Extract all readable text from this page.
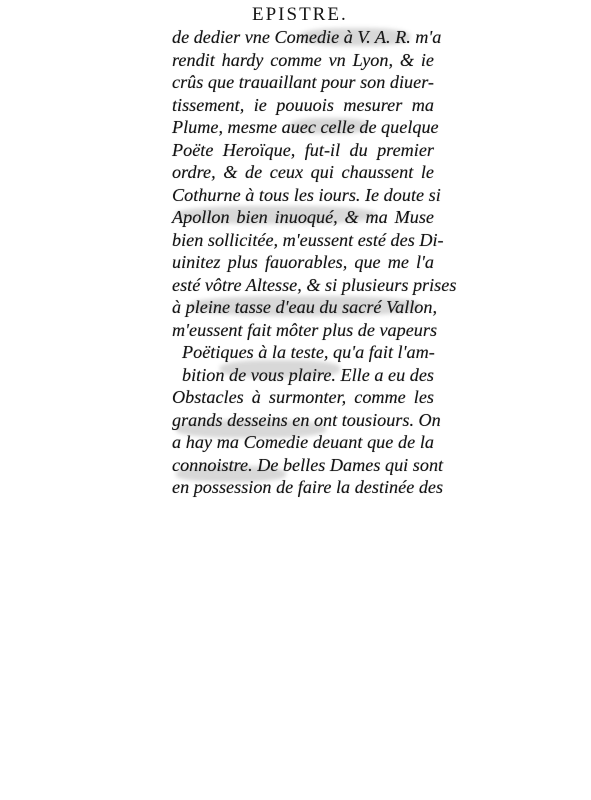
EPISTRE.
de dedier vne Comedie à V. A. R. m'a
rendit hardy comme vn Lyon, & ie
crûs que trauaillant pour son diuer-
tissement, ie pouuois mesurer ma
Plume, mesme auec celle de quelque
Poëte Heroïque, fut-il du premier
ordre, & de ceux qui chaussent le
Cothurne à tous les iours. Ie doute si
Apollon bien inuoqué, & ma Muse
bien sollicitée, m'eussent esté des Di-
uinitez plus fauorables, que me l'a
esté vôtre Altesse, & si plusieurs prises
à pleine tasse d'eau du sacré Vallon,
m'eussent fait môter plus de vapeurs
Poëtiques à la teste, qu'a fait l'am-
bition de vous plaire. Elle a eu des
Obstacles à surmonter, comme les
grands desseins en ont tousiours. On
a hay ma Comedie deuant que de la
connoistre. De belles Dames qui sont
en possession de faire la destinée des
